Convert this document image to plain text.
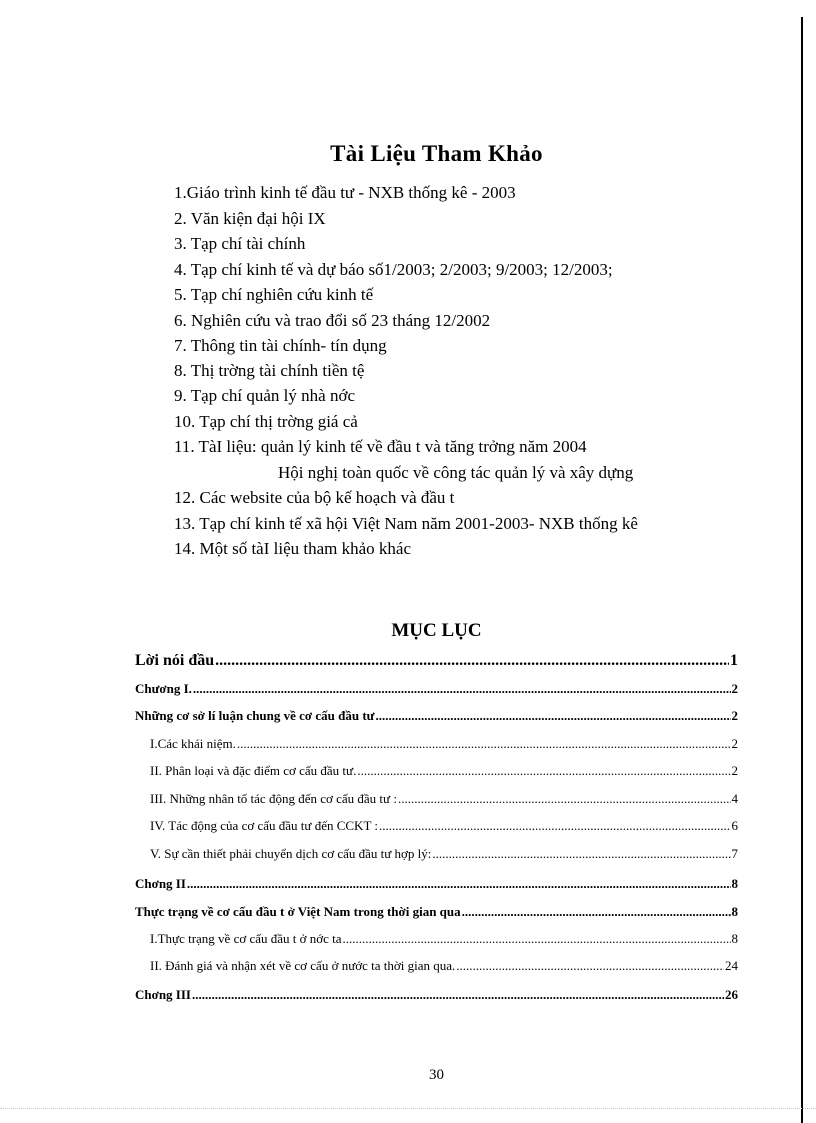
Tài Liệu Tham Khảo
1.Giáo trình kinh tế đầu tư - NXB thống kê - 2003
2. Văn kiện đại hội IX
3. Tạp chí tài chính
4. Tạp chí kinh tế và dự báo số1/2003; 2/2003; 9/2003; 12/2003;
5. Tạp chí nghiên cứu kinh tế
6. Nghiên cứu và trao đổi số 23 tháng 12/2002
7. Thông tin tài chính- tín dụng
8. Thị trờng tài chính tiền tệ
9. Tạp chí quản lý nhà nớc
10. Tạp chí thị trờng giá cả
11. TàI liệu: quản lý kinh tế về đầu t và tăng trởng năm 2004
Hội nghị toàn quốc về công tác quản lý và xây dựng
12. Các website của bộ kế hoạch và đầu t
13. Tạp chí kinh tế xã hội Việt Nam năm 2001-2003- NXB thống kê
14. Một số tàI liệu tham khảo khác
MỤC LỤC
Lời nói đầu .....	1
Chương I. .....	2
Những cơ sở lí luận chung về cơ cấu đầu tư .....	2
I.Các khái niệm. .....	2
II. Phân loại và đặc điểm cơ cấu đầu tư. .....	2
III. Những nhân tố tác động đến cơ cấu đầu tư : .....	4
IV. Tác động của cơ cấu đầu tư đến CCKT : .....	6
V. Sự cần thiết phải chuyển dịch cơ cấu đầu tư hợp lý: .....	7
Chơng II .....	8
Thực trạng về cơ cấu đầu t ở Việt Nam trong thời gian qua .....	8
I.Thực trạng về cơ cấu đầu t ở nớc ta .....	8
II. Đánh giá và nhận xét về cơ cấu ở nước ta thời gian qua. .....	24
Chơng III .....	26
30
